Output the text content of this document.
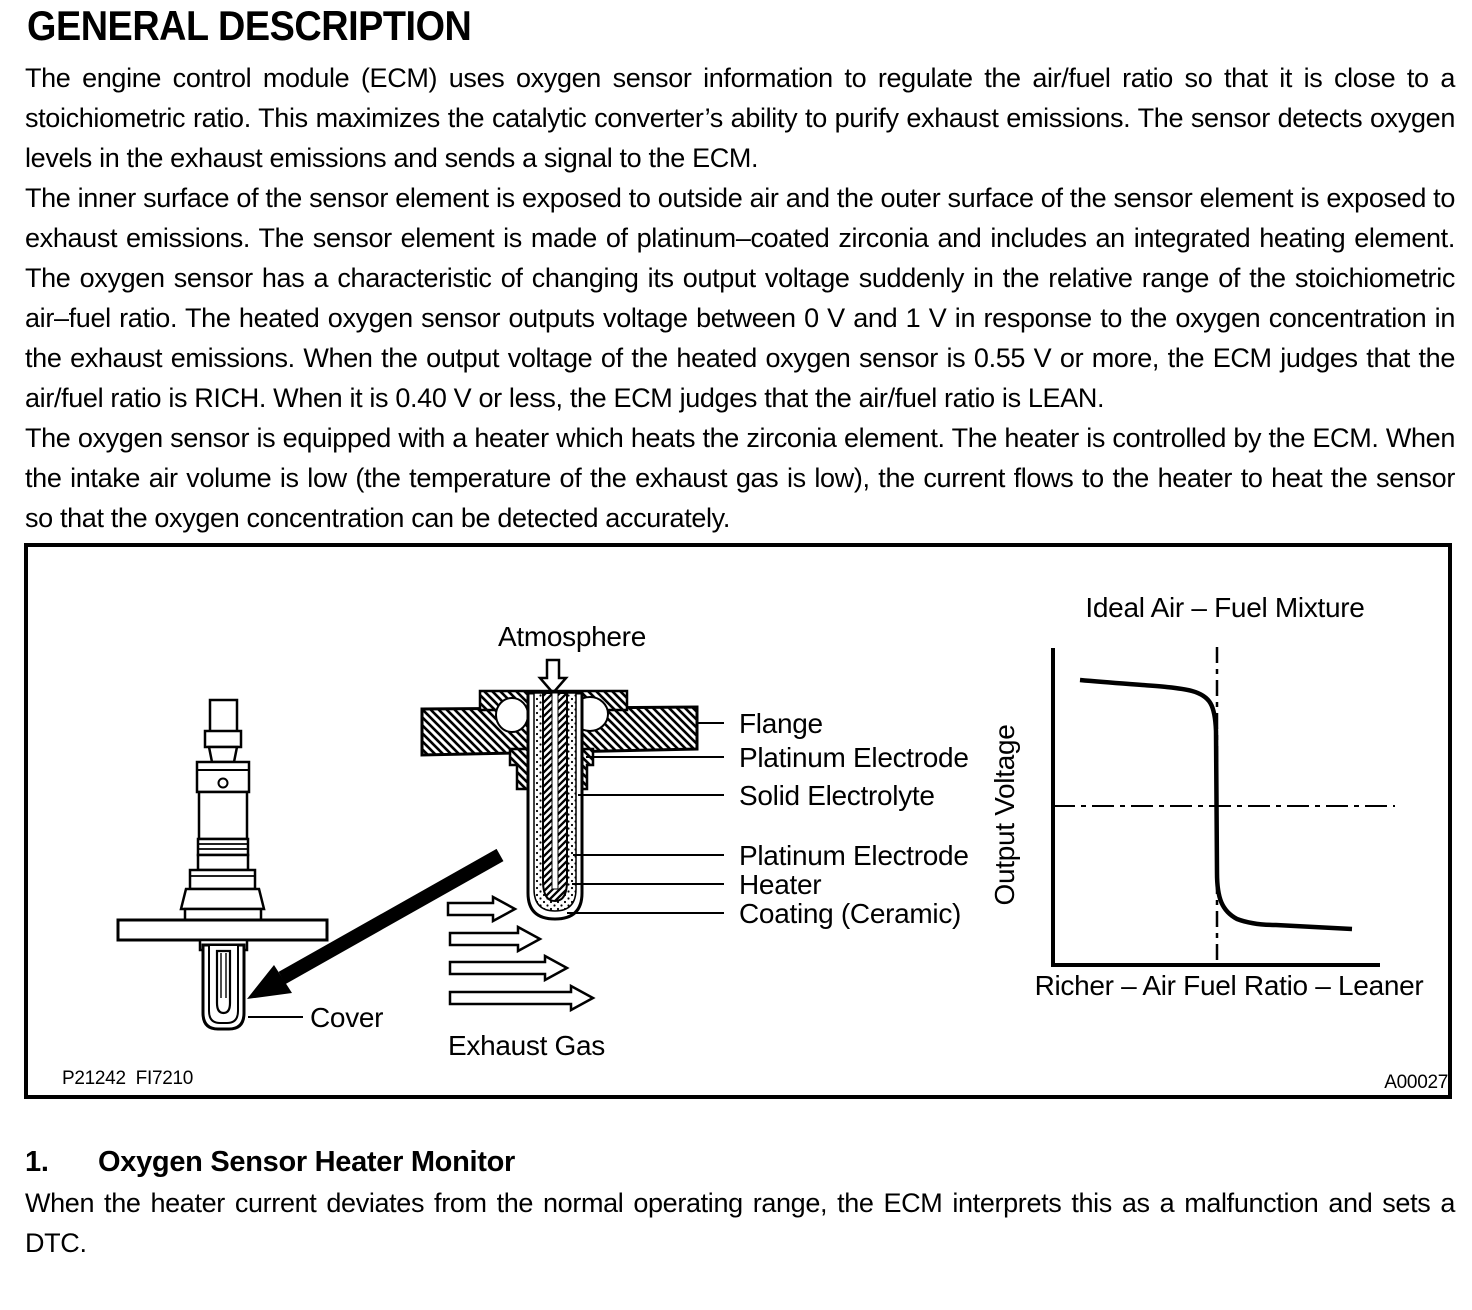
GENERAL DESCRIPTION

The engine control module (ECM) uses oxygen sensor information to regulate the air/fuel ratio so that it is close to a stoichiometric ratio. This maximizes the catalytic converter’s ability to purify exhaust emissions. The sensor detects oxygen levels in the exhaust emissions and sends a signal to the ECM.

The inner surface of the sensor element is exposed to outside air and the outer surface of the sensor element is exposed to exhaust emissions. The sensor element is made of platinum–coated zirconia and includes an integrated heating element. The oxygen sensor has a characteristic of changing its output voltage suddenly in the relative range of the stoichiometric air–fuel ratio. The heated oxygen sensor outputs voltage between 0 V and 1 V in response to the oxygen concentration in the exhaust emissions. When the output voltage of the heated oxygen sensor is 0.55 V or more, the ECM judges that the air/fuel ratio is RICH. When it is 0.40 V or less, the ECM judges that the air/fuel ratio is LEAN.

The oxygen sensor is equipped with a heater which heats the zirconia element. The heater is controlled by the ECM. When the intake air volume is low (the temperature of the exhaust gas is low), the current flows to the heater to heat the sensor so that the oxygen concentration can be detected accurately.

Cover
Atmosphere
Flange
Platinum Electrode
Solid Electrolyte
Platinum Electrode
Heater
Coating (Ceramic)
Exhaust Gas
Ideal Air – Fuel Mixture
Output Voltage
Richer – Air Fuel Ratio – Leaner
P21242  FI7210	A00027
1.	Oxygen Sensor Heater Monitor

When the heater current deviates from the normal operating range, the ECM interprets this as a malfunction and sets a DTC.
